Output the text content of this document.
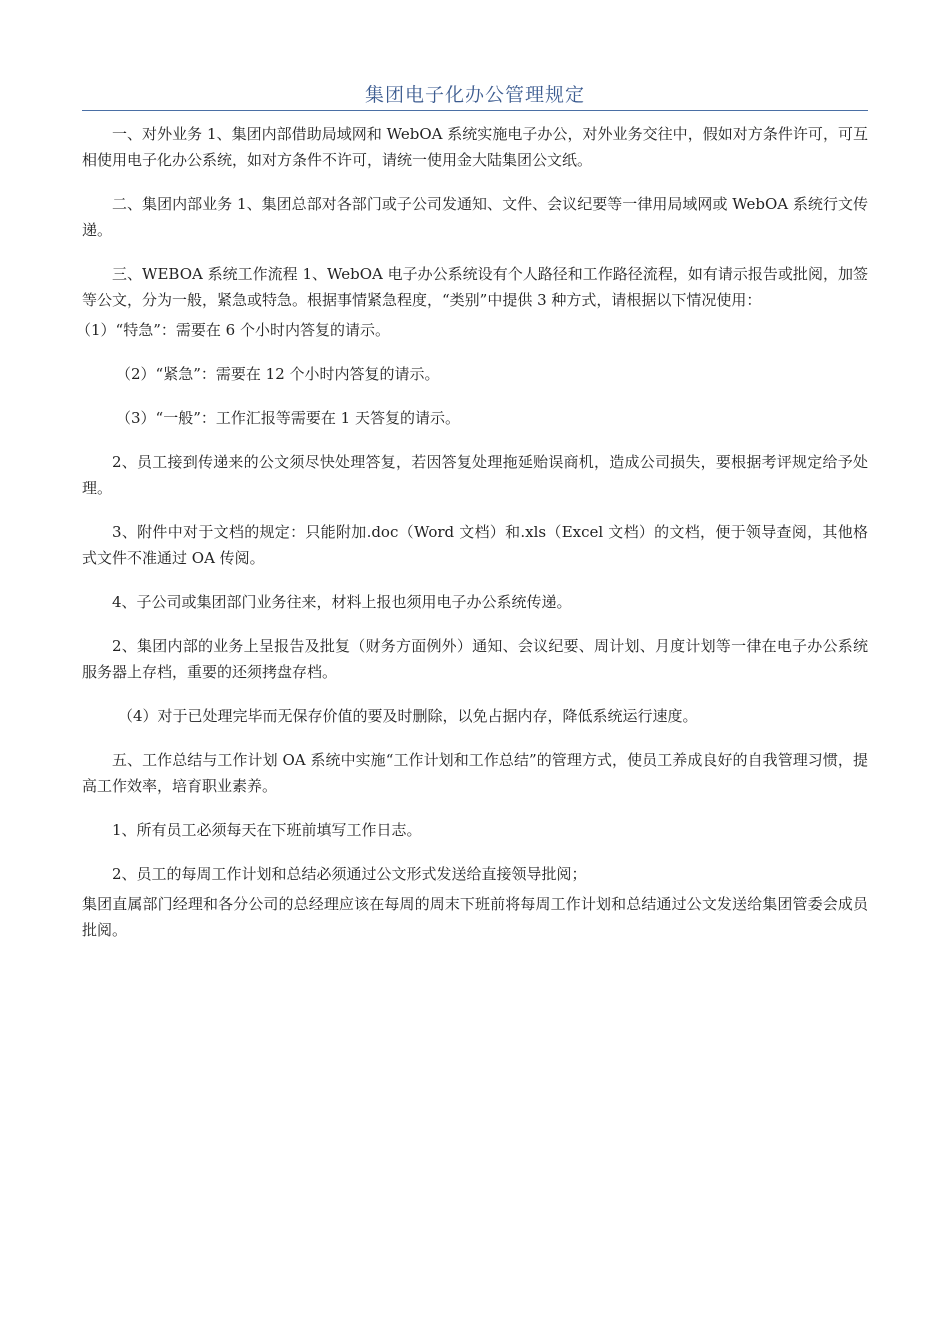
集团电子化办公管理规定

一、对外业务 1、集团内部借助局域网和 WebOA 系统实施电子办公，对外业务交往中，假如对方条件许可，可互相使用电子化办公系统，如对方条件不许可，请统一使用金大陆集团公文纸。

二、集团内部业务 1、集团总部对各部门或子公司发通知、文件、会议纪要等一律用局域网或 WebOA 系统行文传递。

三、WEBOA 系统工作流程 1、WebOA 电子办公系统设有个人路径和工作路径流程，如有请示报告或批阅，加签等公文，分为一般，紧急或特急。根据事情紧急程度，“类别”中提供 3 种方式，请根据以下情况使用：

（1）“特急”：需要在 6 个小时内答复的请示。

（2）“紧急”：需要在 12 个小时内答复的请示。

（3）“一般”：工作汇报等需要在 1 天答复的请示。

2、员工接到传递来的公文须尽快处理答复，若因答复处理拖延贻误商机，造成公司损失，要根据考评规定给予处理。

3、附件中对于文档的规定：只能附加.doc（Word 文档）和.xls（Excel 文档）的文档，便于领导查阅，其他格式文件不准通过 OA 传阅。

4、子公司或集团部门业务往来，材料上报也须用电子办公系统传递。

2、集团内部的业务上呈报告及批复（财务方面例外）通知、会议纪要、周计划、月度计划等一律在电子办公系统服务器上存档，重要的还须拷盘存档。

（4）对于已处理完毕而无保存价值的要及时删除，以免占据内存，降低系统运行速度。

五、工作总结与工作计划 OA 系统中实施“工作计划和工作总结”的管理方式，使员工养成良好的自我管理习惯，提高工作效率，培育职业素养。

1、所有员工必须每天在下班前填写工作日志。

2、员工的每周工作计划和总结必须通过公文形式发送给直接领导批阅；

集团直属部门经理和各分公司的总经理应该在每周的周末下班前将每周工作计划和总结通过公文发送给集团管委会成员批阅。
